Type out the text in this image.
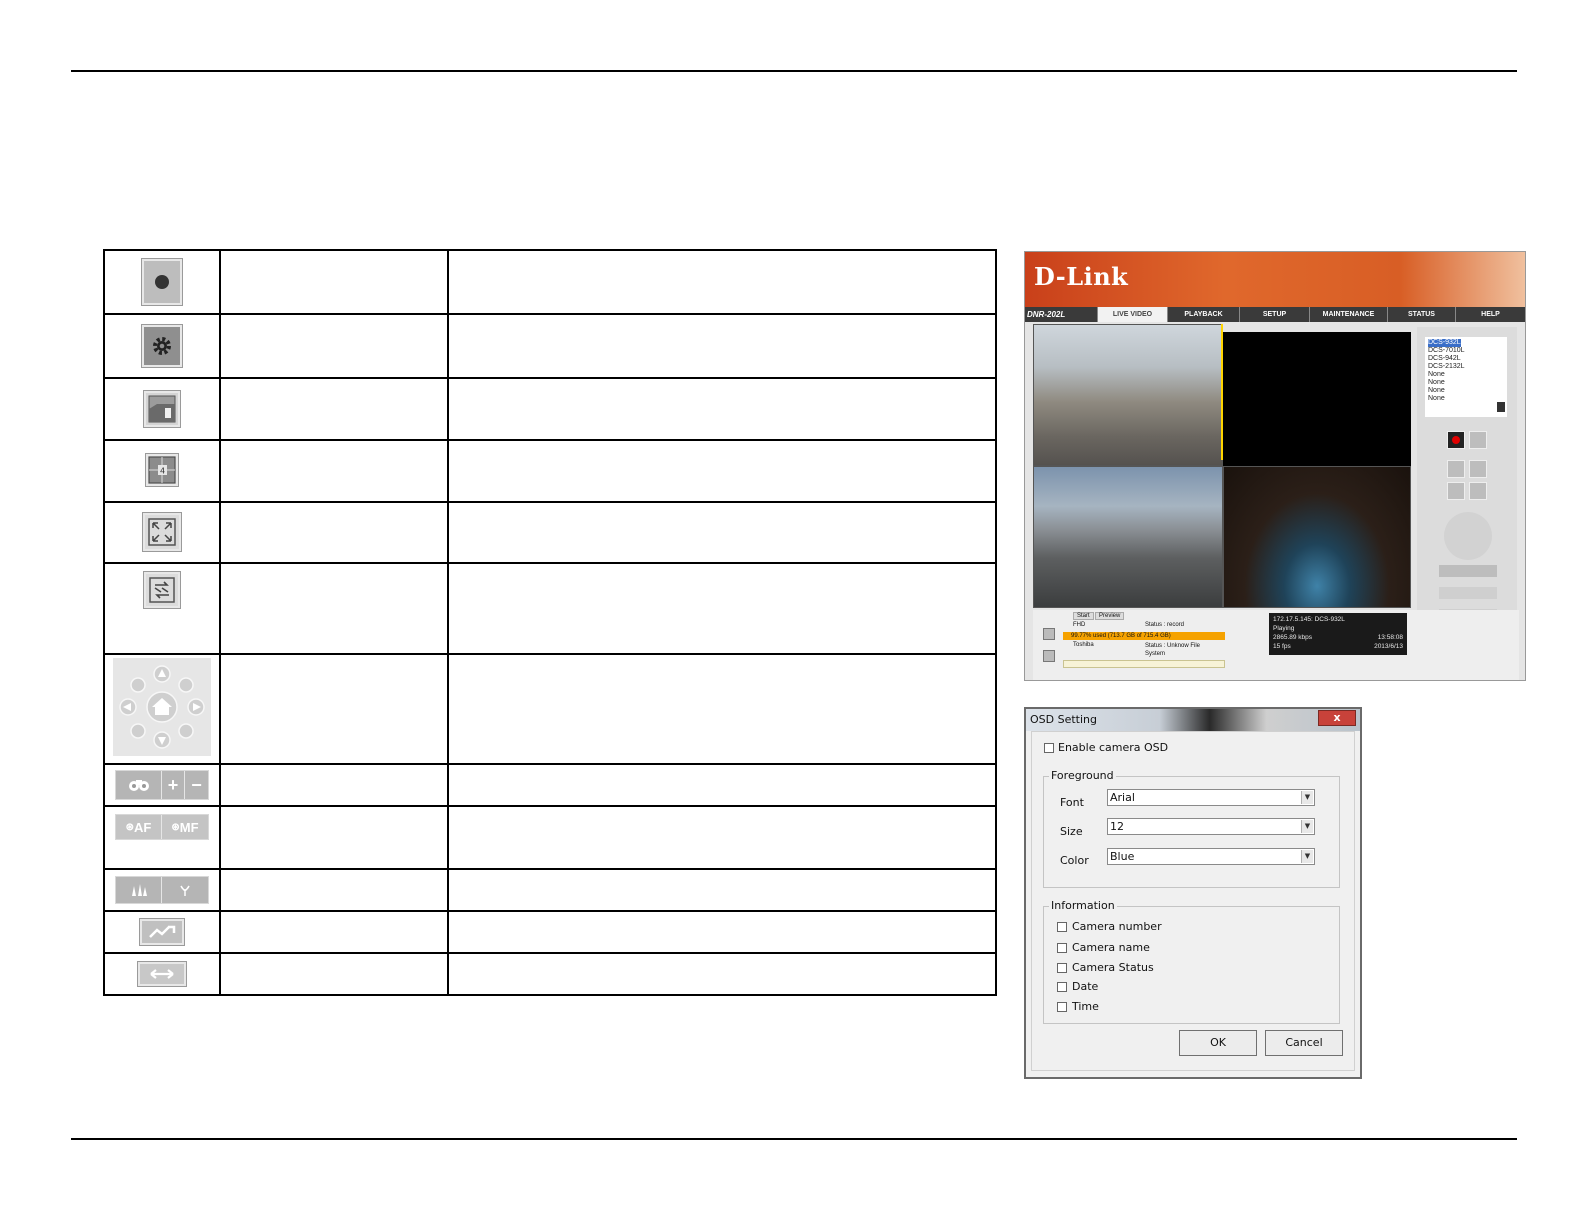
4		

+ −		

⊛ AF ⊛ MF		

D-Link
DNR-202L	LIVE VIDEO	PLAYBACK	SETUP	MAINTENANCE	STATUS	HELP
DCS-932L
DCS-7010L
DCS-942L
DCS-2132L
None
None
None
None
Start	Preview
FHD	Status : record
99.77% used (713.7 GB of 715.4 GB)
Toshiba	Status : Unknow File System
172.17.5.145: DCS-932L
Playing
2865.89 kbps	13:58:08
15 fps	2013/6/13
OSD Setting	x
Enable camera OSD
Foreground
Font Arial	▼
Size 12	▼
Color Blue	▼
Information
Camera number
Camera name
Camera Status
Date
Time
OK	Cancel
